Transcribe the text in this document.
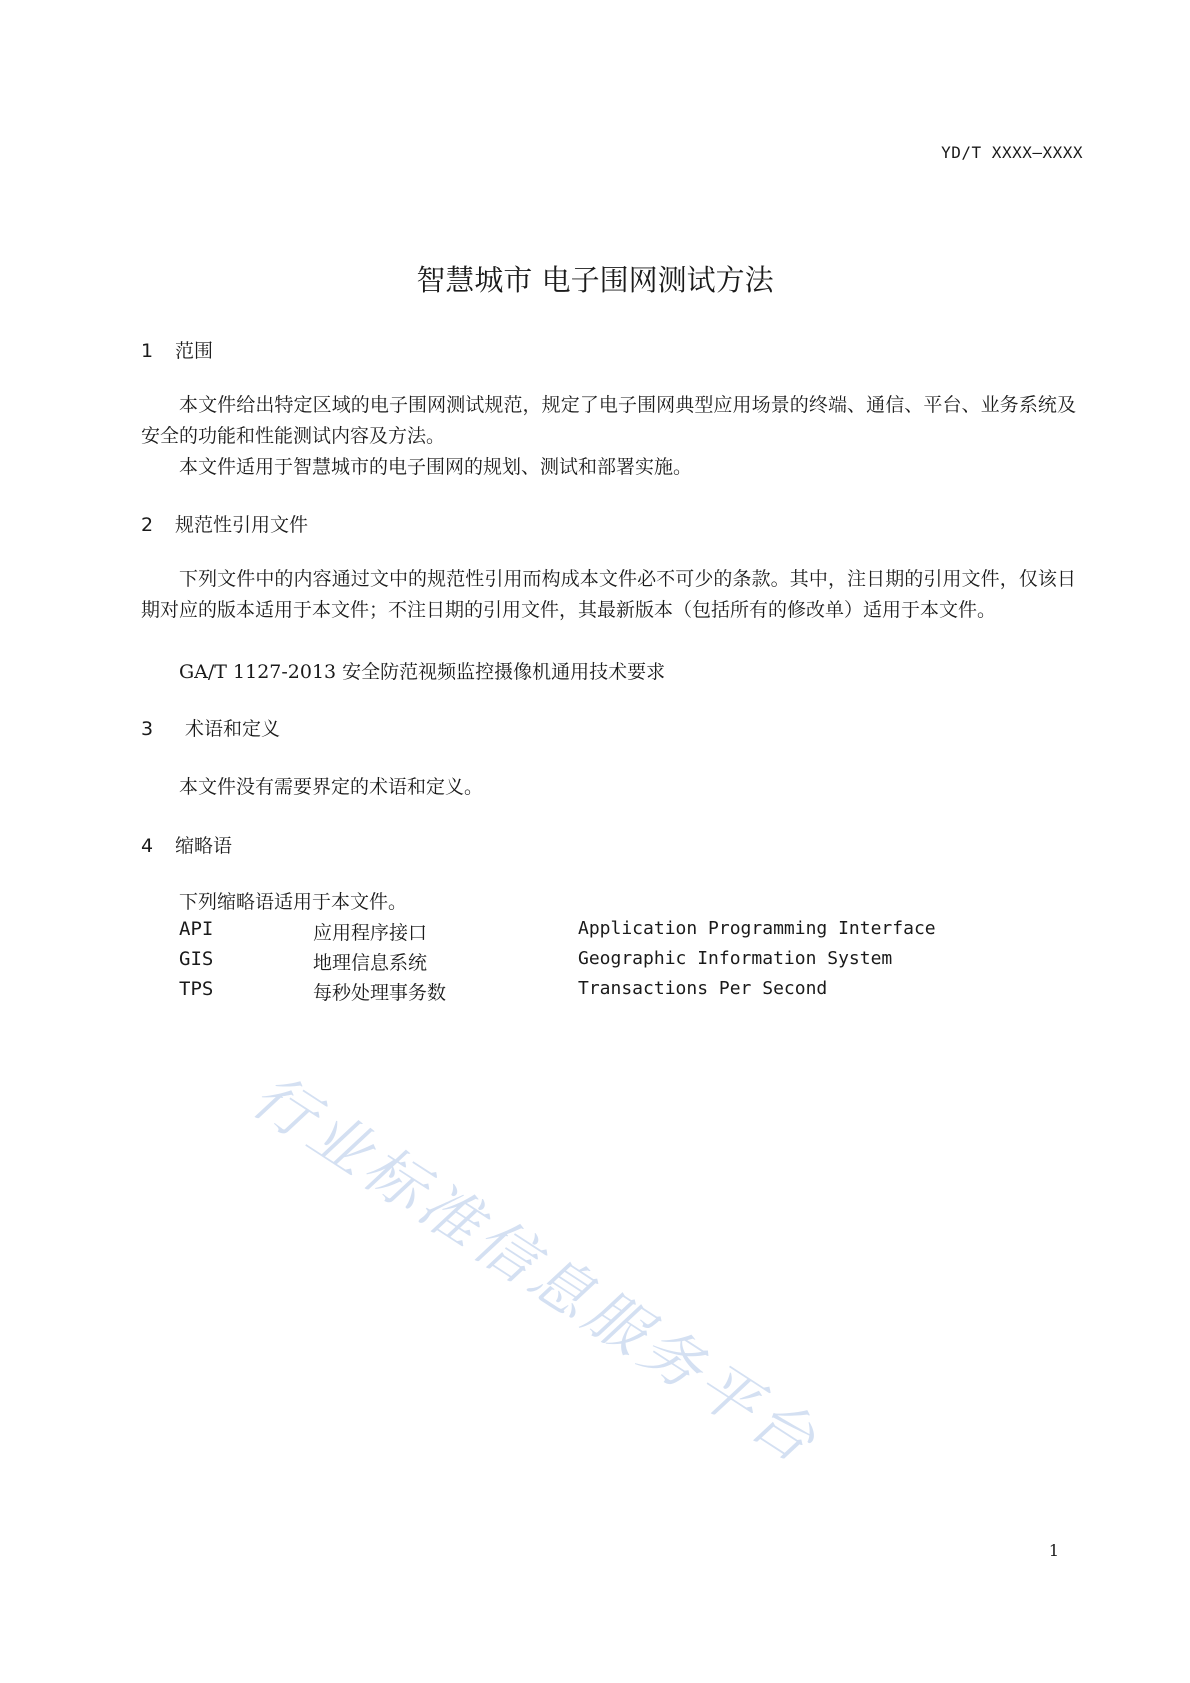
YD/T XXXX—XXXX
智慧城市 电子围网测试方法
1 范围
本文件给出特定区域的电子围网测试规范，规定了电子围网典型应用场景的终端、通信、平台、业务系统及安全的功能和性能测试内容及方法。
本文件适用于智慧城市的电子围网的规划、测试和部署实施。
2 规范性引用文件
下列文件中的内容通过文中的规范性引用而构成本文件必不可少的条款。其中，注日期的引用文件，仅该日期对应的版本适用于本文件；不注日期的引用文件，其最新版本（包括所有的修改单）适用于本文件。
GA/T 1127-2013 安全防范视频监控摄像机通用技术要求
3 术语和定义
本文件没有需要界定的术语和定义。
4 缩略语
下列缩略语适用于本文件。
API	应用程序接口	Application Programming Interface
GIS	地理信息系统	Geographic Information System
TPS	每秒处理事务数	Transactions Per Second
行业标准信息服务平台
1
